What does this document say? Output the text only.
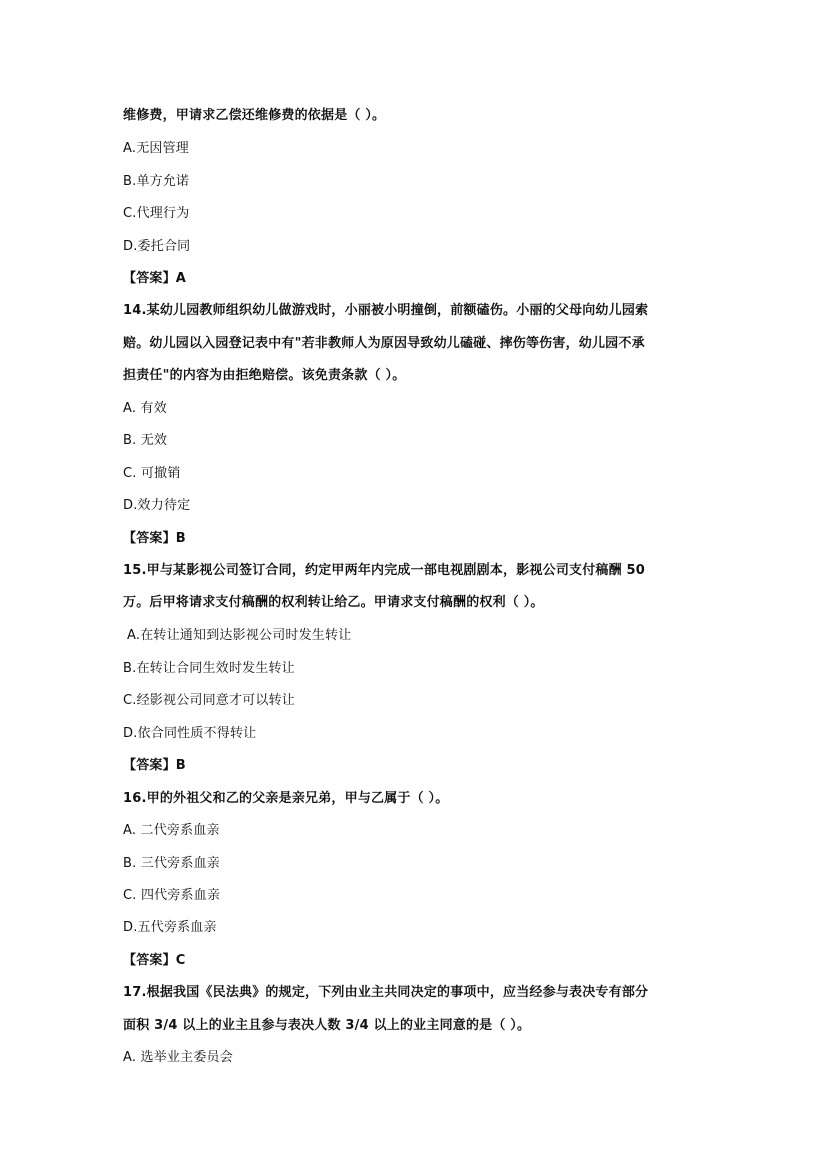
维修费，甲请求乙偿还维修费的依据是（ ）。
A.无因管理
B.单方允诺
C.代理行为
D.委托合同
【答案】A
14.某幼儿园教师组织幼儿做游戏时，小丽被小明撞倒，前额磕伤。小丽的父母向幼儿园索
赔。幼儿园以入园登记表中有"若非教师人为原因导致幼儿磕碰、摔伤等伤害，幼儿园不承
担责任"的内容为由拒绝赔偿。该免责条款（ ）。
A. 有效
B. 无效
C. 可撤销
D.效力待定
【答案】B
15.甲与某影视公司签订合同，约定甲两年内完成一部电视剧剧本，影视公司支付稿酬 50
万。后甲将请求支付稿酬的权利转让给乙。甲请求支付稿酬的权利（ ）。
A.在转让通知到达影视公司时发生转让
B.在转让合同生效时发生转让
C.经影视公司同意才可以转让
D.依合同性质不得转让
【答案】B
16.甲的外祖父和乙的父亲是亲兄弟，甲与乙属于（ ）。
A. 二代旁系血亲
B. 三代旁系血亲
C. 四代旁系血亲
D.五代旁系血亲
【答案】C
17.根据我国《民法典》的规定，下列由业主共同决定的事项中，应当经参与表决专有部分
面积 3/4 以上的业主且参与表决人数 3/4 以上的业主同意的是（ ）。
A. 选举业主委员会
